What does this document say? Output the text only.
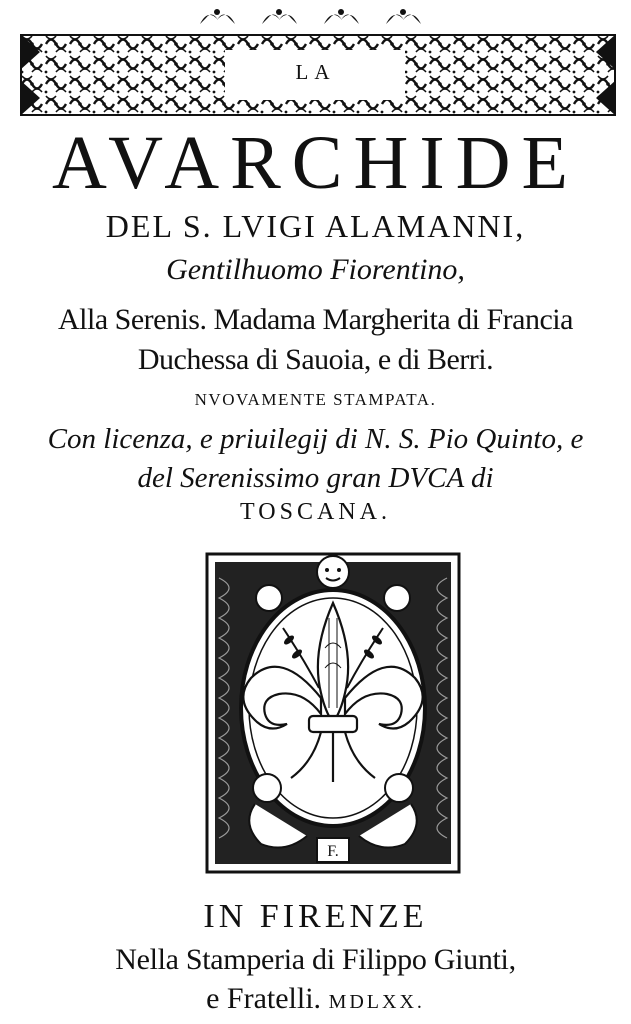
LA
AVARCHIDE
DEL S. LVIGI ALAMANNI,
Gentilhuomo Fiorentino,
Alla Serenis. Madama Margherita di Francia
Duchessa di Sauoia, e di Berri.
NVOVAMENTE STAMPATA.
Con licenza, e priuilegij di N. S. Pio Quinto, e
del Serenissimo gran DVCA di
TOSCANA.
F.
IN FIRENZE
Nella Stamperia di Filippo Giunti,
e Fratelli. MDLXX.
